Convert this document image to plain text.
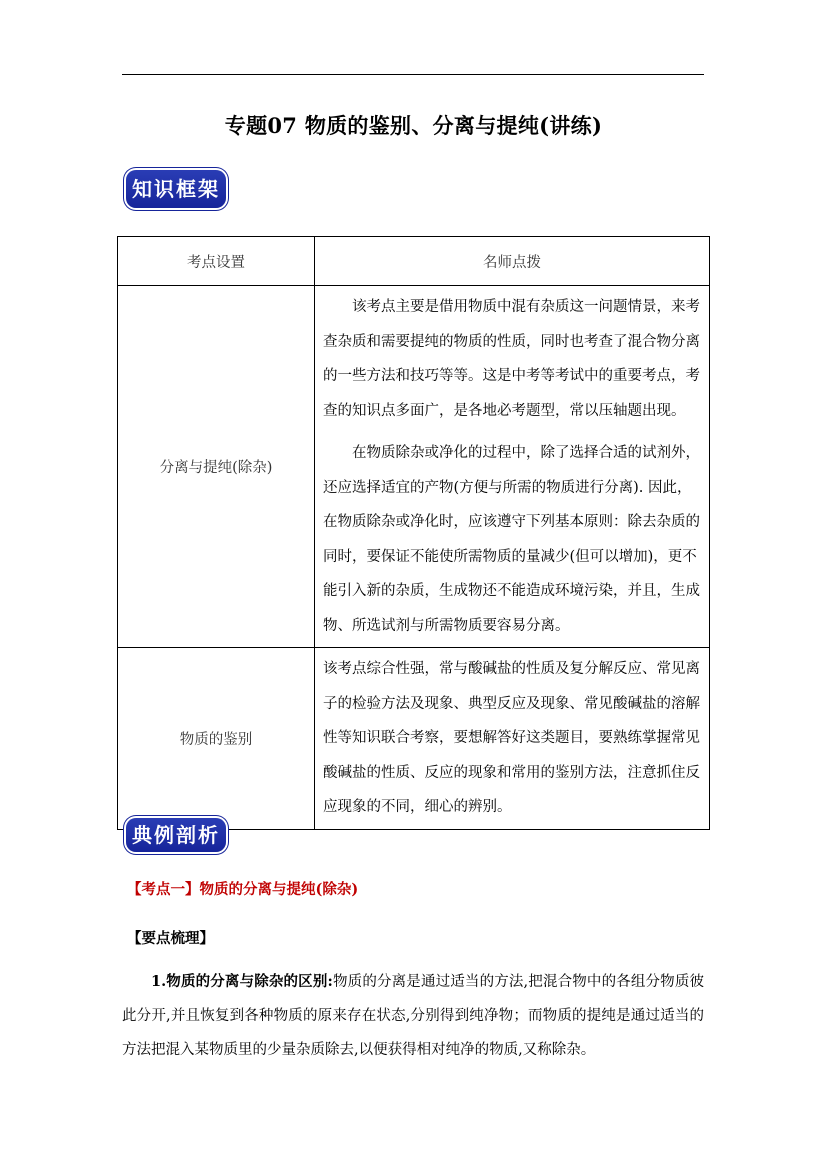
专题07 物质的鉴别、分离与提纯(讲练)
知识框架
考点设置	名师点拨
分离与提纯(除杂)	该考点主要是借用物质中混有杂质这一问题情景，来考查杂质和需要提纯的物质的性质，同时也考查了混合物分离的一些方法和技巧等等。这是中考等考试中的重要考点，考查的知识点多面广，是各地必考题型，常以压轴题出现。

在物质除杂或净化的过程中，除了选择合适的试剂外，还应选择适宜的产物(方便与所需的物质进行分离). 因此，在物质除杂或净化时，应该遵守下列基本原则：除去杂质的同时，要保证不能使所需物质的量减少(但可以增加)，更不能引入新的杂质，生成物还不能造成环境污染，并且，生成物、所选试剂与所需物质要容易分离。

物质的鉴别	该考点综合性强，常与酸碱盐的性质及复分解反应、常见离子的检验方法及现象、典型反应及现象、常见酸碱盐的溶解性等知识联合考察，要想解答好这类题目，要熟练掌握常见酸碱盐的性质、反应的现象和常用的鉴别方法，注意抓住反应现象的不同，细心的辨别。

典例剖析
【考点一】物质的分离与提纯(除杂)
【要点梳理】

1.物质的分离与除杂的区别:物质的分离是通过适当的方法,把混合物中的各组分物质彼此分开,并且恢复到各种物质的原来存在状态,分别得到纯净物；而物质的提纯是通过适当的方法把混入某物质里的少量杂质除去,以便获得相对纯净的物质,又称除杂。
